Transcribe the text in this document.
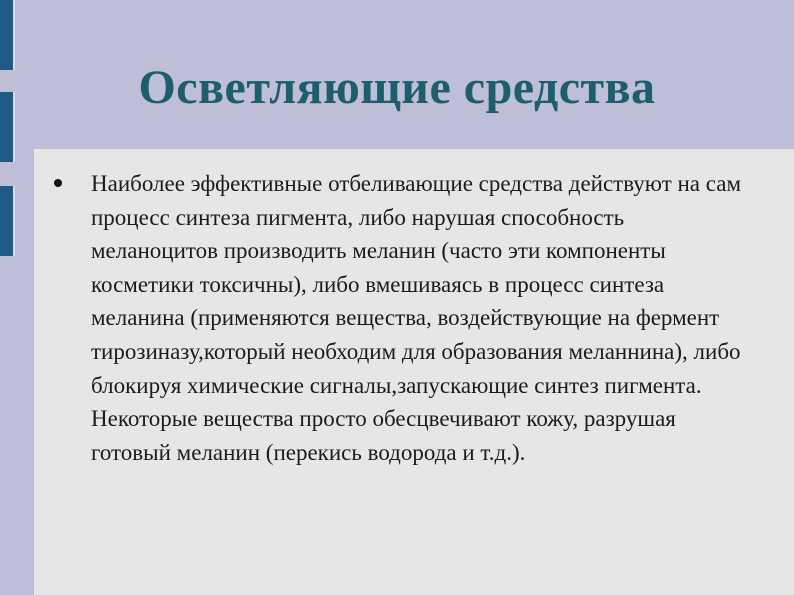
Осветляющие средства

Наиболее эффективные отбеливающие средства действуют на сам процесс синтеза пигмента, либо нарушая способность меланоцитов производить меланин (часто эти компоненты косметики токсичны), либо вмешиваясь в процесс синтеза меланина (применяются вещества, воздействующие на фермент тирозиназу,который необходим для образования меланнина), либо блокируя химические сигналы,запускающие синтез пигмента. Некоторые вещества просто обесцвечивают кожу, разрушая готовый меланин (перекись водорода и т.д.).
